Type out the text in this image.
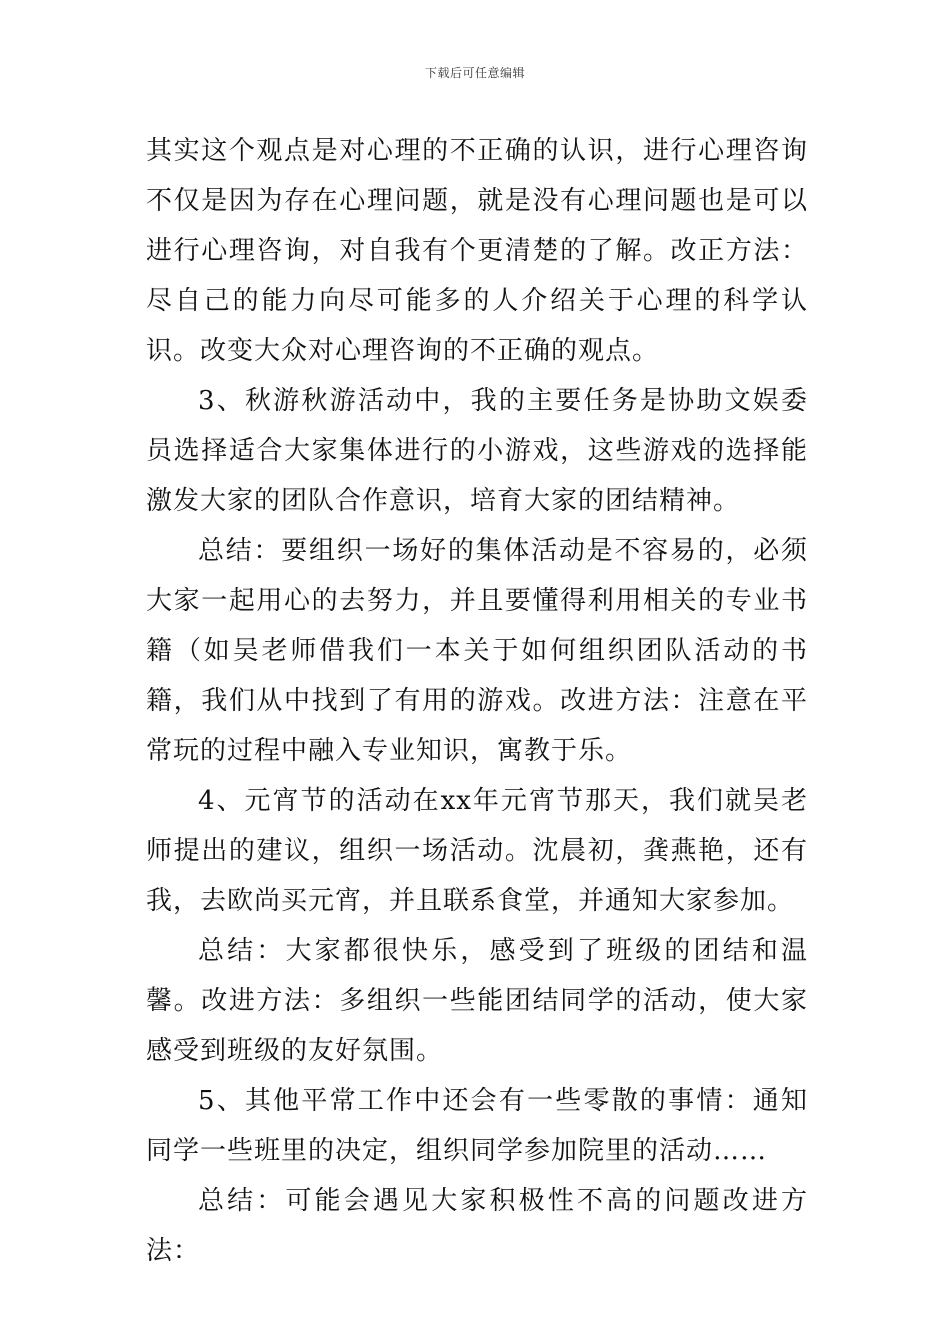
下载后可任意编辑

其实这个观点是对心理的不正确的认识，进行心理咨询不仅是因为存在心理问题，就是没有心理问题也是可以进行心理咨询，对自我有个更清楚的了解。改正方法：尽自己的能力向尽可能多的人介绍关于心理的科学认识。改变大众对心理咨询的不正确的观点。

3、秋游秋游活动中，我的主要任务是协助文娱委员选择适合大家集体进行的小游戏，这些游戏的选择能激发大家的团队合作意识，培育大家的团结精神。

总结：要组织一场好的集体活动是不容易的，必须大家一起用心的去努力，并且要懂得利用相关的专业书籍（如吴老师借我们一本关于如何组织团队活动的书籍，我们从中找到了有用的游戏。改进方法：注意在平常玩的过程中融入专业知识，寓教于乐。

4、元宵节的活动在xx年元宵节那天，我们就吴老师提出的建议，组织一场活动。沈晨初，龚燕艳，还有我，去欧尚买元宵，并且联系食堂，并通知大家参加。

总结：大家都很快乐，感受到了班级的团结和温馨。改进方法：多组织一些能团结同学的活动，使大家感受到班级的友好氛围。

5、其他平常工作中还会有一些零散的事情：通知同学一些班里的决定，组织同学参加院里的活动……

总结：可能会遇见大家积极性不高的问题改进方法：
